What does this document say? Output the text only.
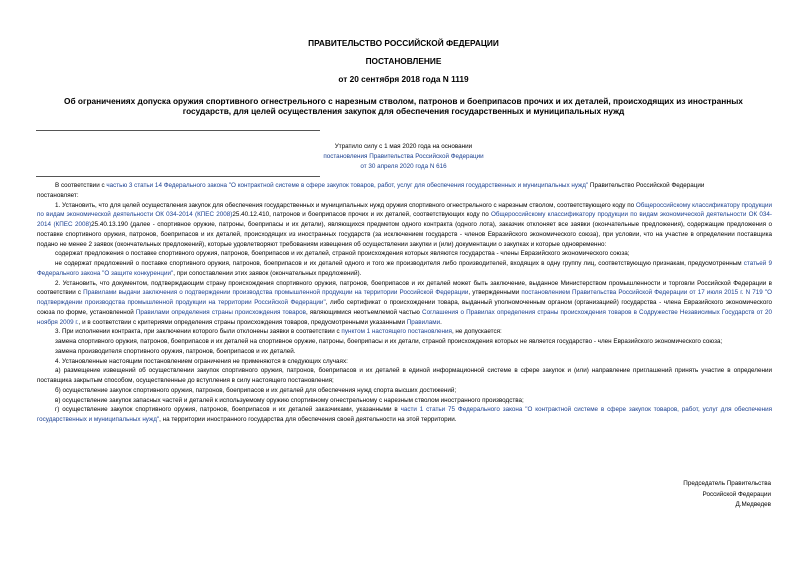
ПРАВИТЕЛЬСТВО РОССИЙСКОЙ ФЕДЕРАЦИИ
ПОСТАНОВЛЕНИЕ
от 20 сентября 2018 года N 1119
Об ограничениях допуска оружия спортивного огнестрельного с нарезным стволом, патронов и боеприпасов прочих и их деталей, происходящих из иностранных государств, для целей осуществления закупок для обеспечения государственных и муниципальных нужд
Утратило силу с 1 мая 2020 года на основании
постановления Правительства Российской Федерации
от 30 апреля 2020 года N 616

В соответствии с частью 3 статьи 14 Федерального закона "О контрактной системе в сфере закупок товаров, работ, услуг для обеспечения государственных и муниципальных нужд" Правительство Российской Федерации

постановляет:

1. Установить, что для целей осуществления закупок для обеспечения государственных и муниципальных нужд оружия спортивного огнестрельного с нарезным стволом, соответствующего коду по Общероссийскому классификатору продукции по видам экономической деятельности ОК 034-2014 (КПЕС 2008)25.40.12.410, патронов и боеприпасов прочих и их деталей, соответствующих коду по Общероссийскому классификатору продукции по видам экономической деятельности ОК 034-2014 (КПЕС 2008)25.40.13.190 (далее - спортивное оружие, патроны, боеприпасы и их детали), являющихся предметом одного контракта (одного лота), заказчик отклоняет все заявки (окончательные предложения), содержащие предложения о поставке спортивного оружия, патронов, боеприпасов и их деталей, происходящих из иностранных государств (за исключением государств - членов Евразийского экономического союза), при условии, что на участие в определении поставщика подано не менее 2 заявок (окончательных предложений), которые удовлетворяют требованиям извещения об осуществлении закупки и (или) документации о закупках и которые одновременно:

содержат предложения о поставке спортивного оружия, патронов, боеприпасов и их деталей, страной происхождения которых являются государства - члены Евразийского экономического союза;

не содержат предложений о поставке спортивного оружия, патронов, боеприпасов и их деталей одного и того же производителя либо производителей, входящих в одну группу лиц, соответствующую признакам, предусмотренным статьей 9 Федерального закона "О защите конкуренции", при сопоставлении этих заявок (окончательных предложений).

2. Установить, что документом, подтверждающим страну происхождения спортивного оружия, патронов, боеприпасов и их деталей может быть заключение, выданное Министерством промышленности и торговли Российской Федерации в соответствии с Правилами выдачи заключения о подтверждении производства промышленной продукции на территории Российской Федерации, утвержденными постановлением Правительства Российской Федерации от 17 июля 2015 г. N 719 "О подтверждении производства промышленной продукции на территории Российской Федерации", либо сертификат о происхождении товара, выданный уполномоченным органом (организацией) государства - члена Евразийского экономического союза по форме, установленной Правилами определения страны происхождения товаров, являющимися неотъемлемой частью Соглашения о Правилах определения страны происхождения товаров в Содружестве Независимых Государств от 20 ноября 2009 г., и в соответствии с критериями определения страны происхождения товаров, предусмотренными указанными Правилами.

3. При исполнении контракта, при заключении которого были отклонены заявки в соответствии с пунктом 1 настоящего постановления, не допускается:

замена спортивного оружия, патронов, боеприпасов и их деталей на спортивное оружие, патроны, боеприпасы и их детали, страной происхождения которых не является государство - член Евразийского экономического союза;

замена производителя спортивного оружия, патронов, боеприпасов и их деталей.

4. Установленные настоящим постановлением ограничения не применяются в следующих случаях:

а) размещение извещений об осуществлении закупок спортивного оружия, патронов, боеприпасов и их деталей в единой информационной системе в сфере закупок и (или) направление приглашений принять участие в определении поставщика закрытым способом, осуществленные до вступления в силу настоящего постановления;

б) осуществление закупок спортивного оружия, патронов, боеприпасов и их деталей для обеспечения нужд спорта высших достижений;

в) осуществление закупок запасных частей и деталей к используемому оружию спортивному огнестрельному с нарезным стволом иностранного производства;

г) осуществление закупок спортивного оружия, патронов, боеприпасов и их деталей заказчиками, указанными в части 1 статьи 75 Федерального закона "О контрактной системе в сфере закупок товаров, работ, услуг для обеспечения государственных и муниципальных нужд", на территории иностранного государства для обеспечения своей деятельности на этой территории.

Председатель Правительства
Российской Федерации
Д.Медведев
